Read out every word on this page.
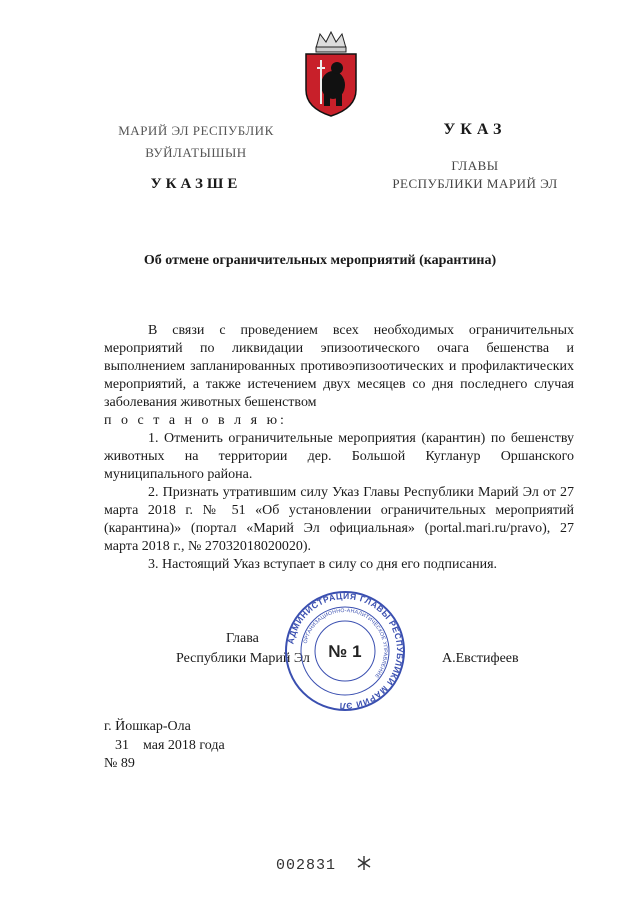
МАРИЙ ЭЛ РЕСПУБЛИК
ВУЙЛАТЫШЫН
УКАЗШЕ
УКАЗ
ГЛАВЫ
РЕСПУБЛИКИ МАРИЙ ЭЛ
Об отмене ограничительных мероприятий (карантина)

В связи с проведением всех необходимых ограничительных мероприятий по ликвидации эпизоотического очага бешенства и выполнением запланированных противоэпизоотических и профилактических мероприятий, а также истечением двух месяцев со дня последнего случая заболевания животных бешенством

п о с т а н о в л я ю:

1. Отменить ограничительные мероприятия (карантин) по бешенству животных на территории дер. Большой Кугланур Оршанского муниципального района.

2. Признать утратившим силу Указ Главы Республики Марий Эл от 27 марта 2018 г. № 51 «Об установлении ограничительных мероприятий (карантина)» (портал «Марий Эл официальная» (portal.mari.ru/pravo), 27 марта 2018 г., № 27032018020020).

3. Настоящий Указ вступает в силу со дня его подписания.

Глава
Республики Марий Эл	А.Евстифеев
АДМИНИСТРАЦИЯ ГЛАВЫ РЕСПУБЛИКИ МАРИЙ ЭЛ
ОРГАНИЗАЦИОННО-АНАЛИТИЧЕСКОЕ УПРАВЛЕНИЕ
№ 1
г. Йошкар-Ола
31    мая 2018 года
№ 89
002831
